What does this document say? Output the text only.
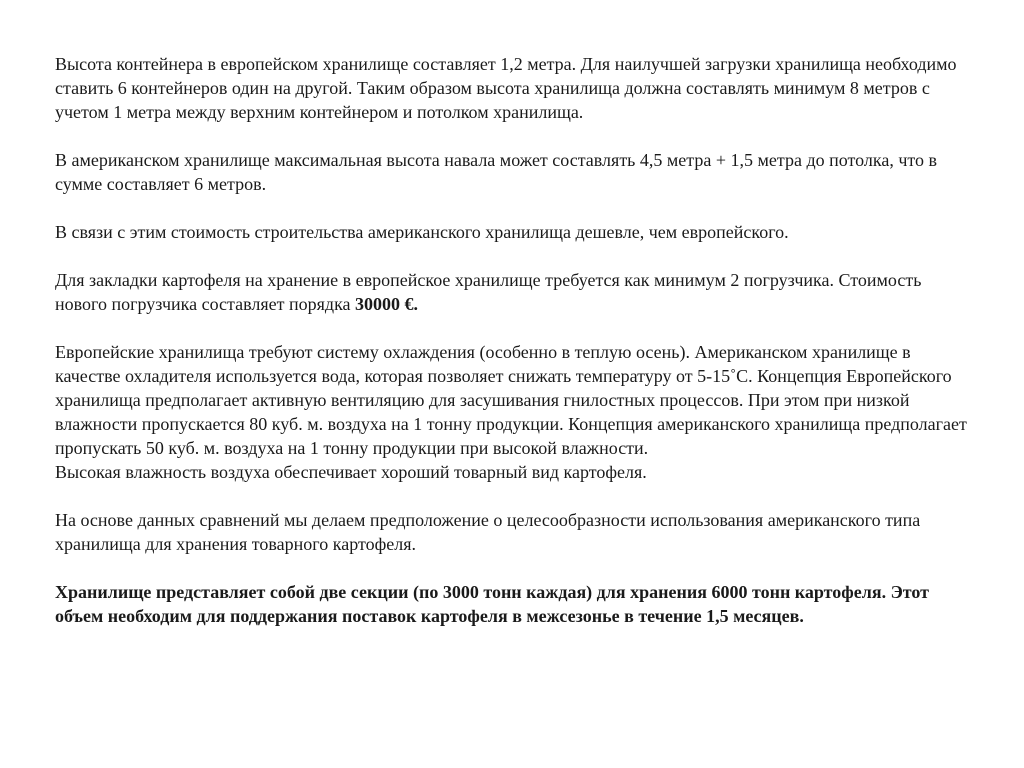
Высота контейнера в европейском хранилище составляет 1,2 метра. Для наилучшей загрузки хранилища необходимо ставить 6 контейнеров один на другой. Таким образом высота хранилища должна составлять минимум 8 метров с учетом 1 метра между верхним контейнером и потолком хранилища.

В американском хранилище максимальная высота навала может составлять 4,5 метра + 1,5 метра до потолка, что в сумме составляет 6 метров.

В связи с этим стоимость строительства американского хранилища дешевле, чем европейского.

Для закладки картофеля на хранение в европейское хранилище требуется как минимум 2 погрузчика. Стоимость нового погрузчика составляет порядка 30000 €.

Европейские хранилища требуют систему охлаждения (особенно в теплую осень). Американском хранилище в качестве охладителя используется вода, которая позволяет снижать температуру от 5-15˚C. Концепция Европейского хранилища предполагает активную вентиляцию для засушивания гнилостных процессов. При этом при низкой влажности пропускается 80 куб. м. воздуха на 1 тонну продукции. Концепция американского хранилища предполагает пропускать 50 куб. м. воздуха на 1 тонну продукции при высокой влажности.

Высокая влажность воздуха обеспечивает хороший товарный вид картофеля.

На основе данных сравнений мы делаем предположение о целесообразности использования американского типа хранилища для хранения товарного картофеля.

Хранилище представляет собой две секции (по 3000 тонн каждая) для хранения 6000 тонн картофеля. Этот объем необходим для поддержания поставок картофеля в межсезонье в течение 1,5 месяцев.
